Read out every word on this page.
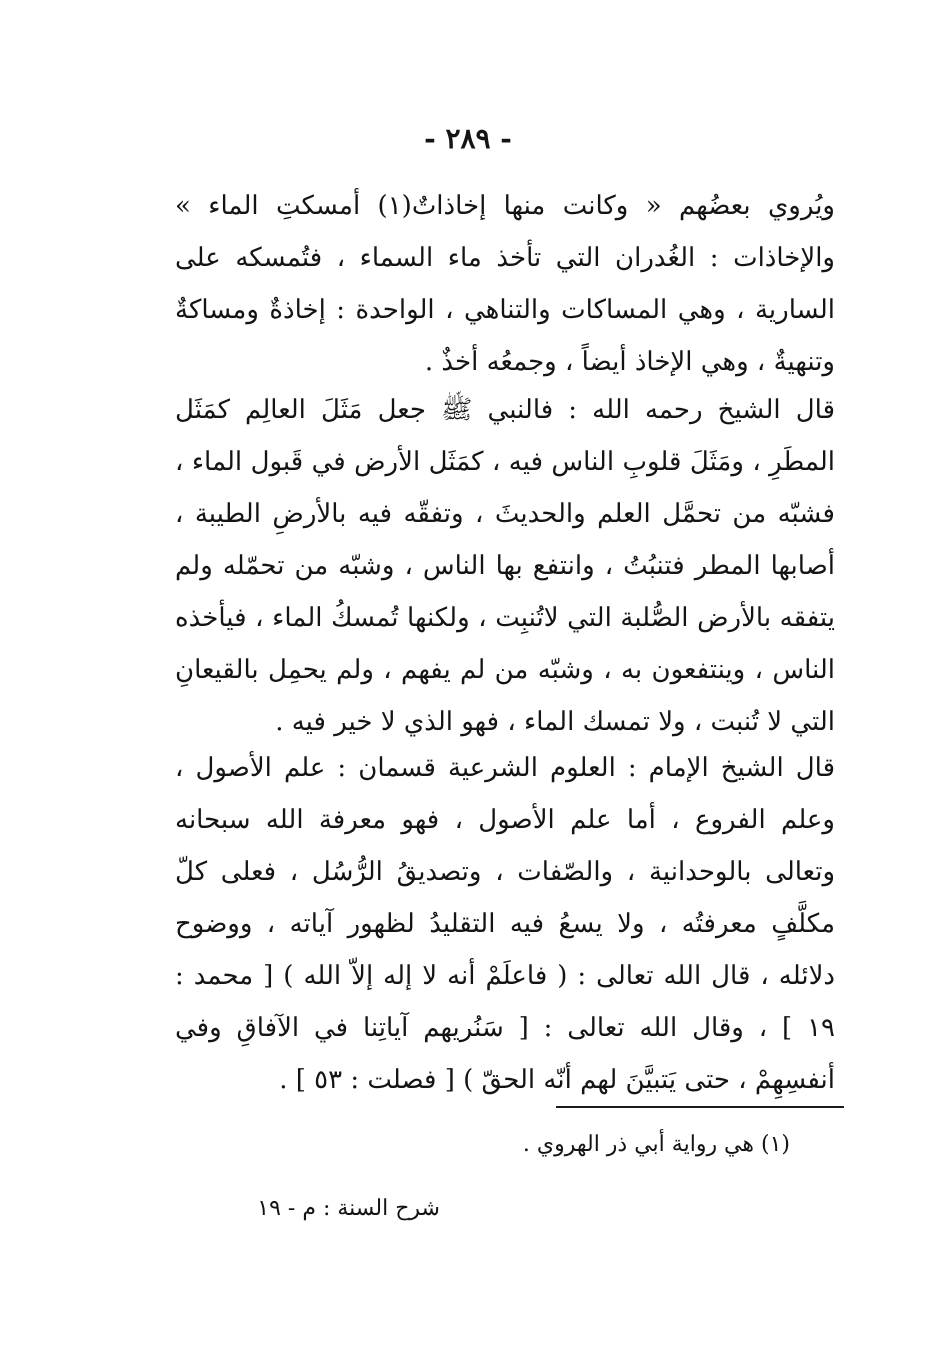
- ٢٨٩ -

ويُروي بعضُهم « وكانت منها إخاذاتٌ(١) أمسكتِ الماء » والإخاذات : الغُدران التي تأخذ ماء السماء ، فتُمسكه على السارية ، وهي المساكات والتناهي ، الواحدة : إخاذةٌ ومساكةٌ وتنهيةٌ ، وهي الإخاذ أيضاً ، وجمعُه أخذٌ .

قال الشيخ رحمه الله : فالنبي ﷺ جعل مَثَلَ العالِم كمَثَل المطَرِ ، ومَثَلَ قلوبِ الناس فيه ، كمَثَل الأرض في قَبول الماء ، فشبّه من تحمَّل العلم والحديثَ ، وتفقّه فيه بالأرضِ الطيبة ، أصابها المطر فتنبُتُ ، وانتفع بها الناس ، وشبّه من تحمّله ولم يتفقه بالأرض الصُّلبة التي لاتُنبِت ، ولكنها تُمسكُ الماء ، فيأخذه الناس ، وينتفعون به ، وشبّه من لم يفهم ، ولم يحمِل بالقيعانِ التي لا تُنبت ، ولا تمسك الماء ، فهو الذي لا خير فيه .

قال الشيخ الإمام : العلوم الشرعية قسمان : علم الأصول ، وعلم الفروع ، أما علم الأصول ، فهو معرفة الله سبحانه وتعالى بالوحدانية ، والصّفات ، وتصديقُ الرُّسُل ، فعلى كلّ مكلَّفٍ معرفتُه ، ولا يسعُ فيه التقليدُ لظهور آياته ، ووضوح دلائله ، قال الله تعالى : ( فاعلَمْ أنه لا إله إلاّ الله ) [ محمد : ١٩ ] ، وقال الله تعالى : [ سَنُريهم آياتِنا في الآفاقِ وفي أنفسِهِمْ ، حتى يَتبيَّنَ لهم أنّه الحقّ ) [ فصلت : ٥٣ ] .

(١) هي رواية أبي ذر الهروي .
شرح السنة : م - ١٩
